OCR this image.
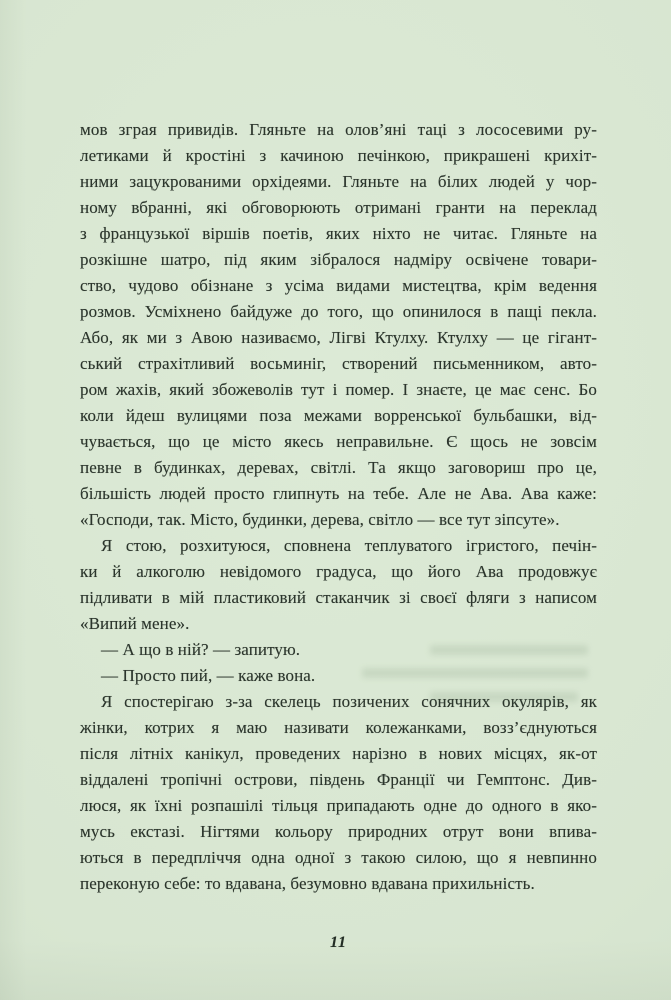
мов зграя привидів. Гляньте на олов’яні таці з лососевими ру-
летиками й кростіні з качиною печінкою, прикрашені крихіт-
ними зацукрованими орхідеями. Гляньте на білих людей у чор-
ному вбранні, які обговорюють отримані гранти на переклад
з французької віршів поетів, яких ніхто не читає. Гляньте на
розкішне шатро, під яким зібралося надміру освічене товари-
ство, чудово обізнане з усіма видами мистецтва, крім ведення
розмов. Усміхнено байдуже до того, що опинилося в пащі пекла.
Або, як ми з Авою називаємо, Лігві Ктулху. Ктулху — це гігант-
ський страхітливий восьминіг, створений письменником, авто-
ром жахів, який збожеволів тут і помер. І знаєте, це має сенс. Бо
коли йдеш вулицями поза межами ворренської бульбашки, від-
чувається, що це місто якесь неправильне. Є щось не зовсім
певне в будинках, деревах, світлі. Та якщо заговориш про це,
більшість людей просто глипнуть на тебе. Але не Ава. Ава каже:
«Господи, так. Місто, будинки, дерева, світло — все тут зіпсуте».
Я стою, розхитуюся, сповнена теплуватого ігристого, печін-
ки й алкоголю невідомого градуса, що його Ава продовжує
підливати в мій пластиковий стаканчик зі своєї фляги з написом
«Випий мене».
— А що в ній? — запитую.
— Просто пий, — каже вона.
Я спостерігаю з-за скелець позичених сонячних окулярів, як
жінки, котрих я маю називати колежанками, возз’єднуються
після літніх канікул, проведених нарізно в нових місцях, як-от
віддалені тропічні острови, південь Франції чи Гемптонс. Див-
люся, як їхні розпашілі тільця припадають одне до одного в яко-
мусь екстазі. Нігтями кольору природних отрут вони впива-
ються в передпліччя одна одної з такою силою, що я невпинно
переконую себе: то вдавана, безумовно вдавана прихильність.
11
